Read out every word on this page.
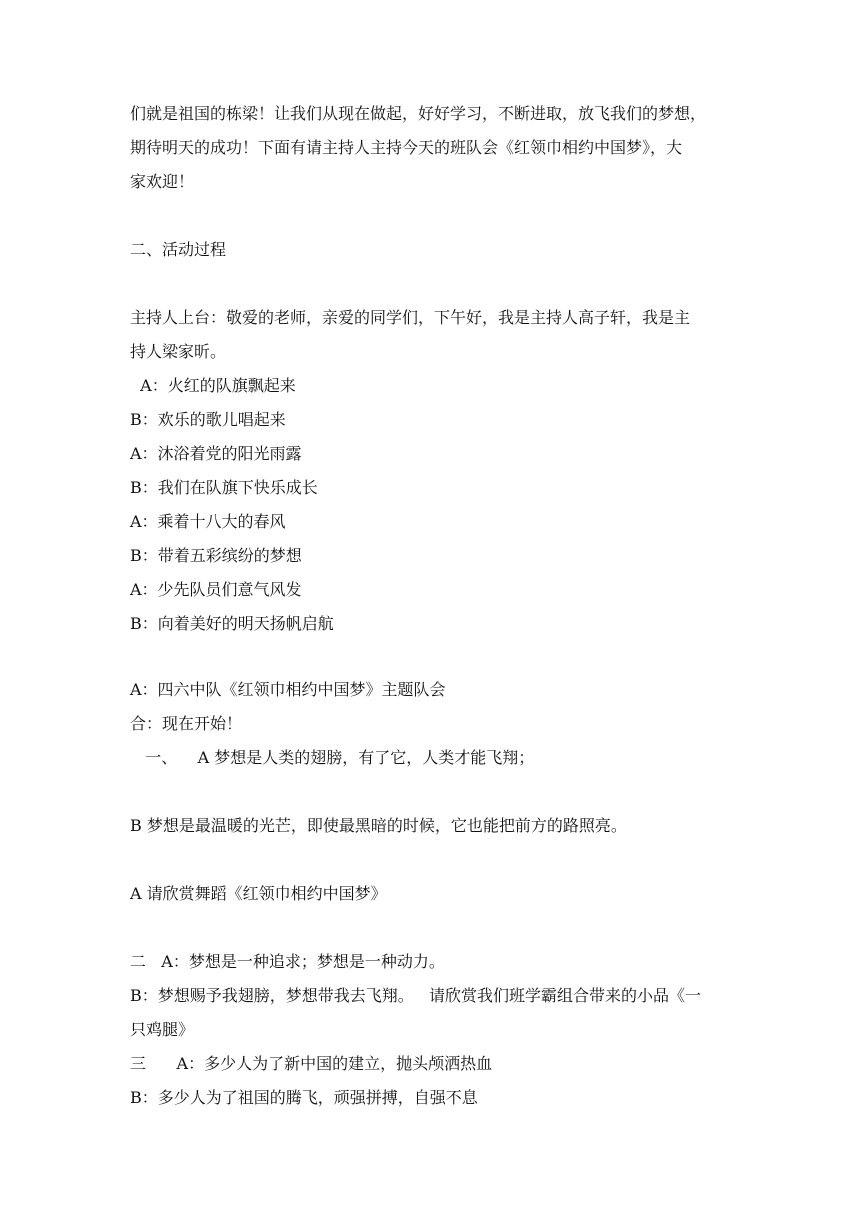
们就是祖国的栋梁！让我们从现在做起，好好学习，不断进取，放飞我们的梦想，

期待明天的成功！下面有请主持人主持今天的班队会《红领巾相约中国梦》，大

家欢迎！

二、活动过程

主持人上台：敬爱的老师，亲爱的同学们，下午好，我是主持人高子轩，我是主

持人梁家昕。

A：火红的队旗飘起来

B：欢乐的歌儿唱起来

A：沐浴着党的阳光雨露

B：我们在队旗下快乐成长

A：乘着十八大的春风

B：带着五彩缤纷的梦想

A：少先队员们意气风发

B：向着美好的明天扬帆启航

A：四六中队《红领巾相约中国梦》主题队会

合：现在开始！

一、    A 梦想是人类的翅膀，有了它，人类才能飞翔；

B 梦想是最温暖的光芒，即使最黑暗的时候，它也能把前方的路照亮。

A 请欣赏舞蹈《红领巾相约中国梦》

二   A：梦想是一种追求；梦想是一种动力。

B：梦想赐予我翅膀，梦想带我去飞翔。   请欣赏我们班学霸组合带来的小品《一

只鸡腿》

三      A：多少人为了新中国的建立，抛头颅洒热血

B：多少人为了祖国的腾飞，顽强拼搏，自强不息
